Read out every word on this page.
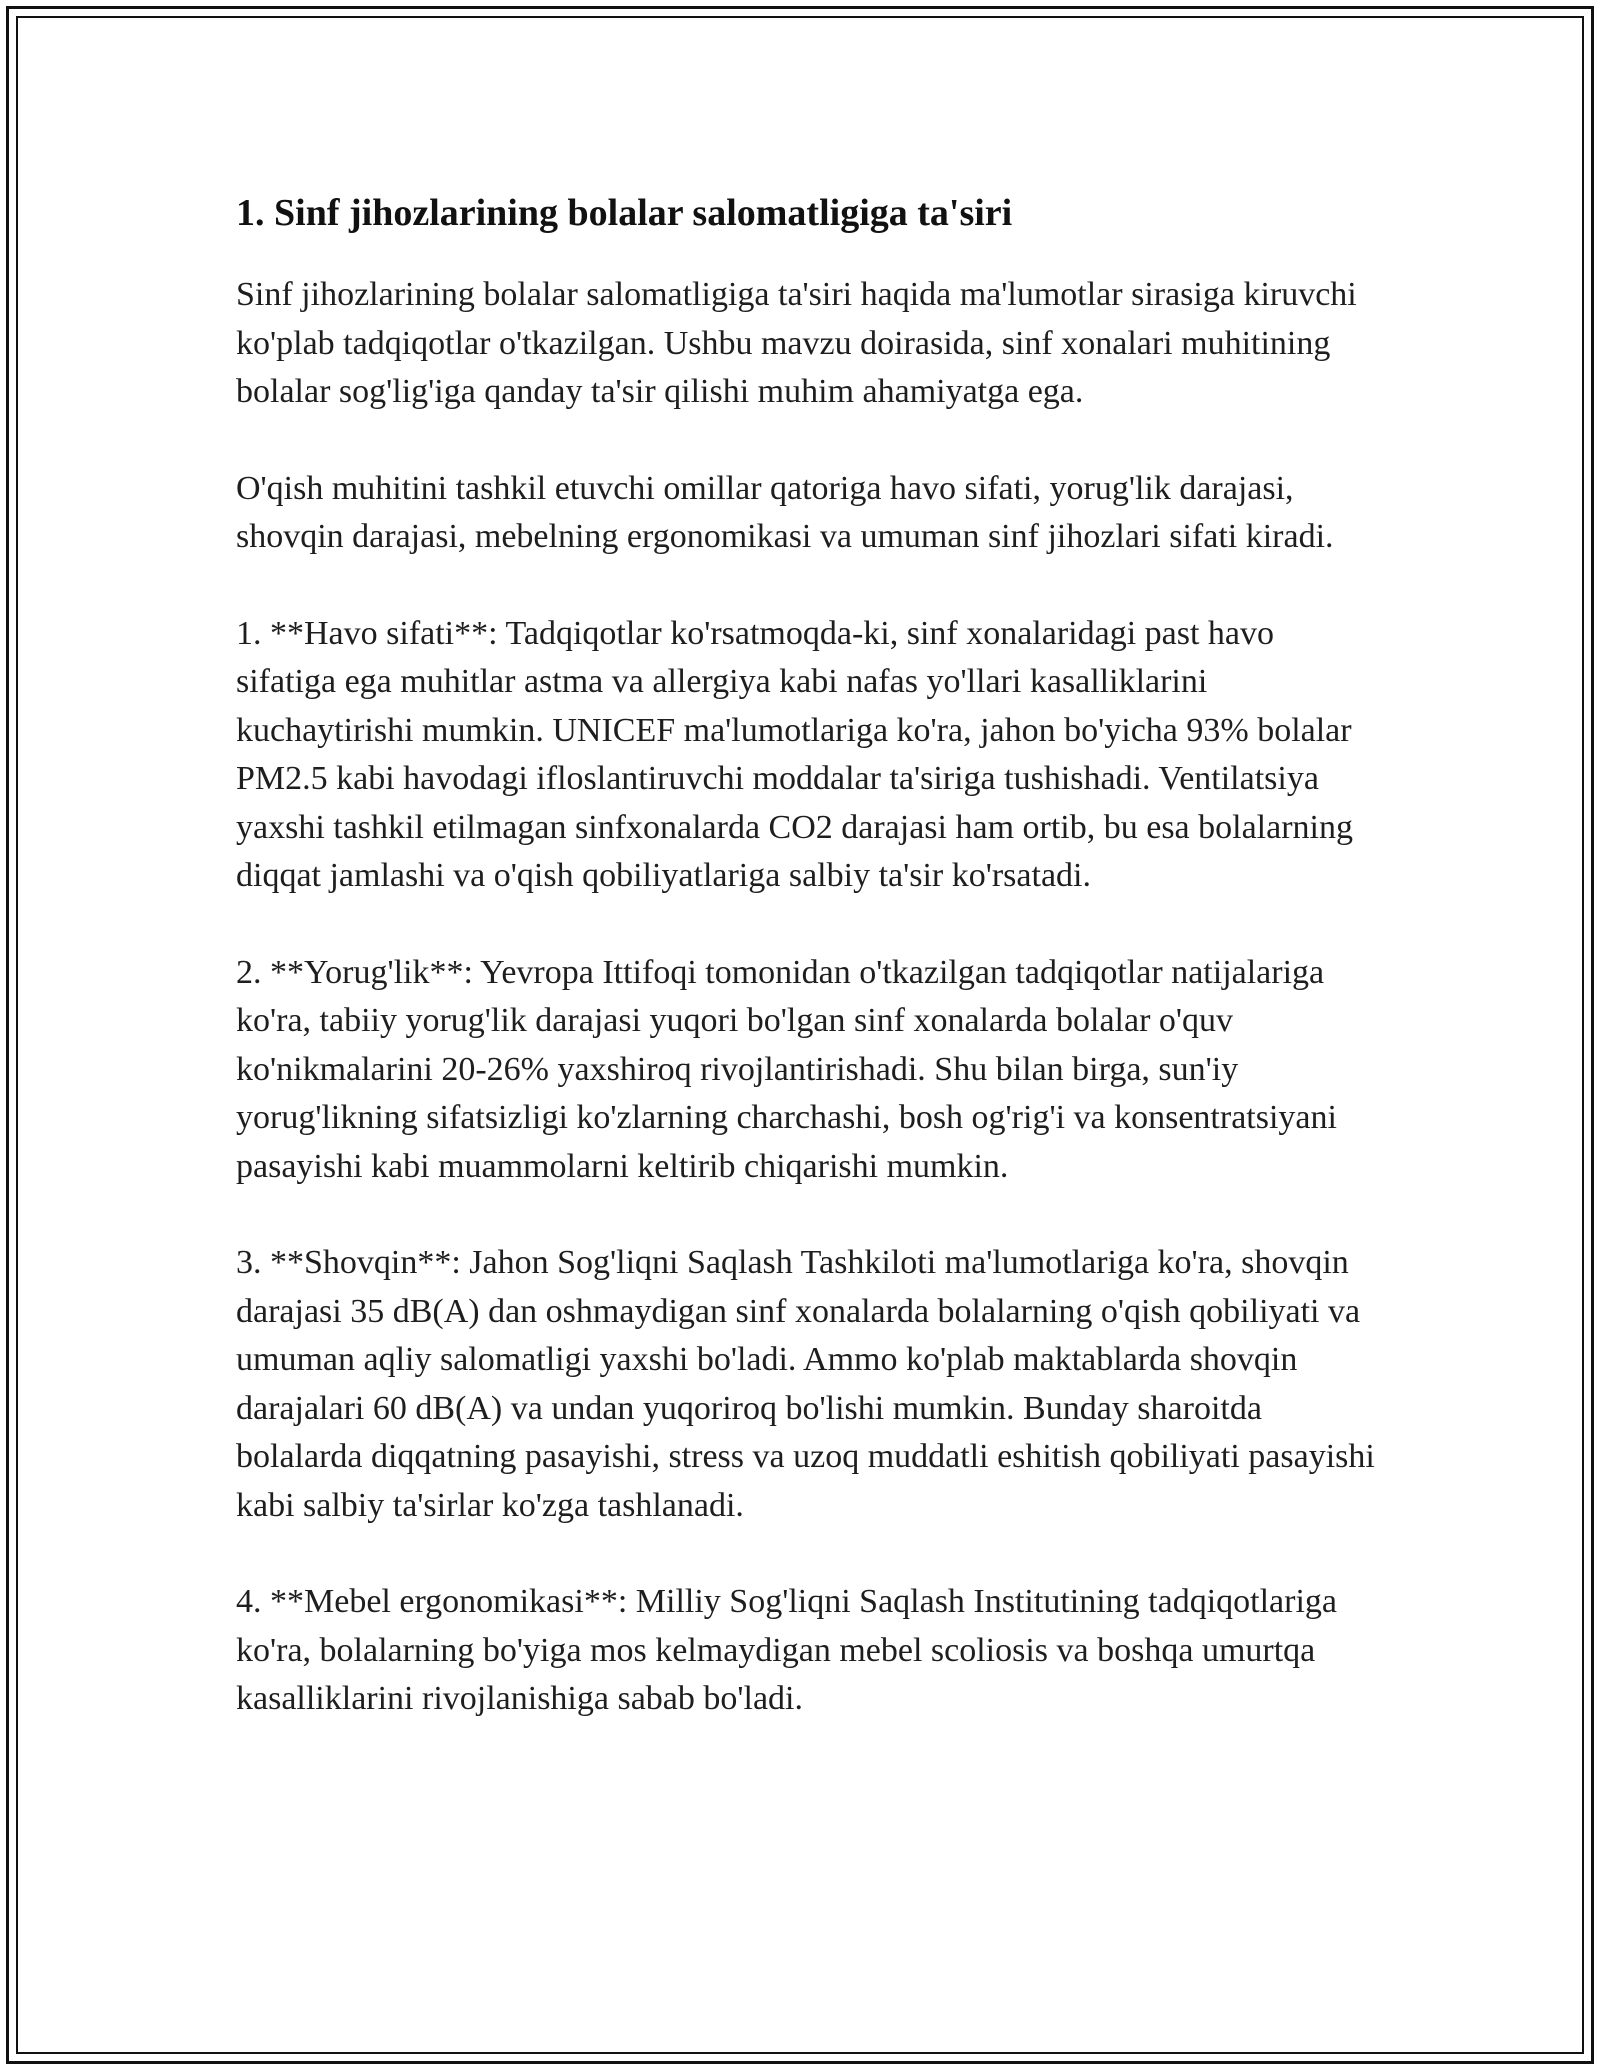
1. Sinf jihozlarining bolalar salomatligiga ta'siri

Sinf jihozlarining bolalar salomatligiga ta'siri haqida ma'lumotlar sirasiga kiruvchi ko'plab tadqiqotlar o'tkazilgan. Ushbu mavzu doirasida, sinf xonalari muhitining bolalar sog'lig'iga qanday ta'sir qilishi muhim ahamiyatga ega.

O'qish muhitini tashkil etuvchi omillar qatoriga havo sifati, yorug'lik darajasi, shovqin darajasi, mebelning ergonomikasi va umuman sinf jihozlari sifati kiradi.

1. **Havo sifati**: Tadqiqotlar ko'rsatmoqda-ki, sinf xonalaridagi past havo sifatiga ega muhitlar astma va allergiya kabi nafas yo'llari kasalliklarini kuchaytirishi mumkin. UNICEF ma'lumotlariga ko'ra, jahon bo'yicha 93% bolalar PM2.5 kabi havodagi ifloslantiruvchi moddalar ta'siriga tushishadi. Ventilatsiya yaxshi tashkil etilmagan sinfxonalarda CO2 darajasi ham ortib, bu esa bolalarning diqqat jamlashi va o'qish qobiliyatlariga salbiy ta'sir ko'rsatadi.

2. **Yorug'lik**: Yevropa Ittifoqi tomonidan o'tkazilgan tadqiqotlar natijalariga ko'ra, tabiiy yorug'lik darajasi yuqori bo'lgan sinf xonalarda bolalar o'quv ko'nikmalarini 20-26% yaxshiroq rivojlantirishadi. Shu bilan birga, sun'iy yorug'likning sifatsizligi ko'zlarning charchashi, bosh og'rig'i va konsentratsiyani pasayishi kabi muammolarni keltirib chiqarishi mumkin.

3. **Shovqin**: Jahon Sog'liqni Saqlash Tashkiloti ma'lumotlariga ko'ra, shovqin darajasi 35 dB(A) dan oshmaydigan sinf xonalarda bolalarning o'qish qobiliyati va umuman aqliy salomatligi yaxshi bo'ladi. Ammo ko'plab maktablarda shovqin darajalari 60 dB(A) va undan yuqoriroq bo'lishi mumkin. Bunday sharoitda bolalarda diqqatning pasayishi, stress va uzoq muddatli eshitish qobiliyati pasayishi kabi salbiy ta'sirlar ko'zga tashlanadi.

4. **Mebel ergonomikasi**: Milliy Sog'liqni Saqlash Institutining tadqiqotlariga ko'ra, bolalarning bo'yiga mos kelmaydigan mebel scoliosis va boshqa umurtqa kasalliklarini rivojlanishiga sabab bo'ladi.
